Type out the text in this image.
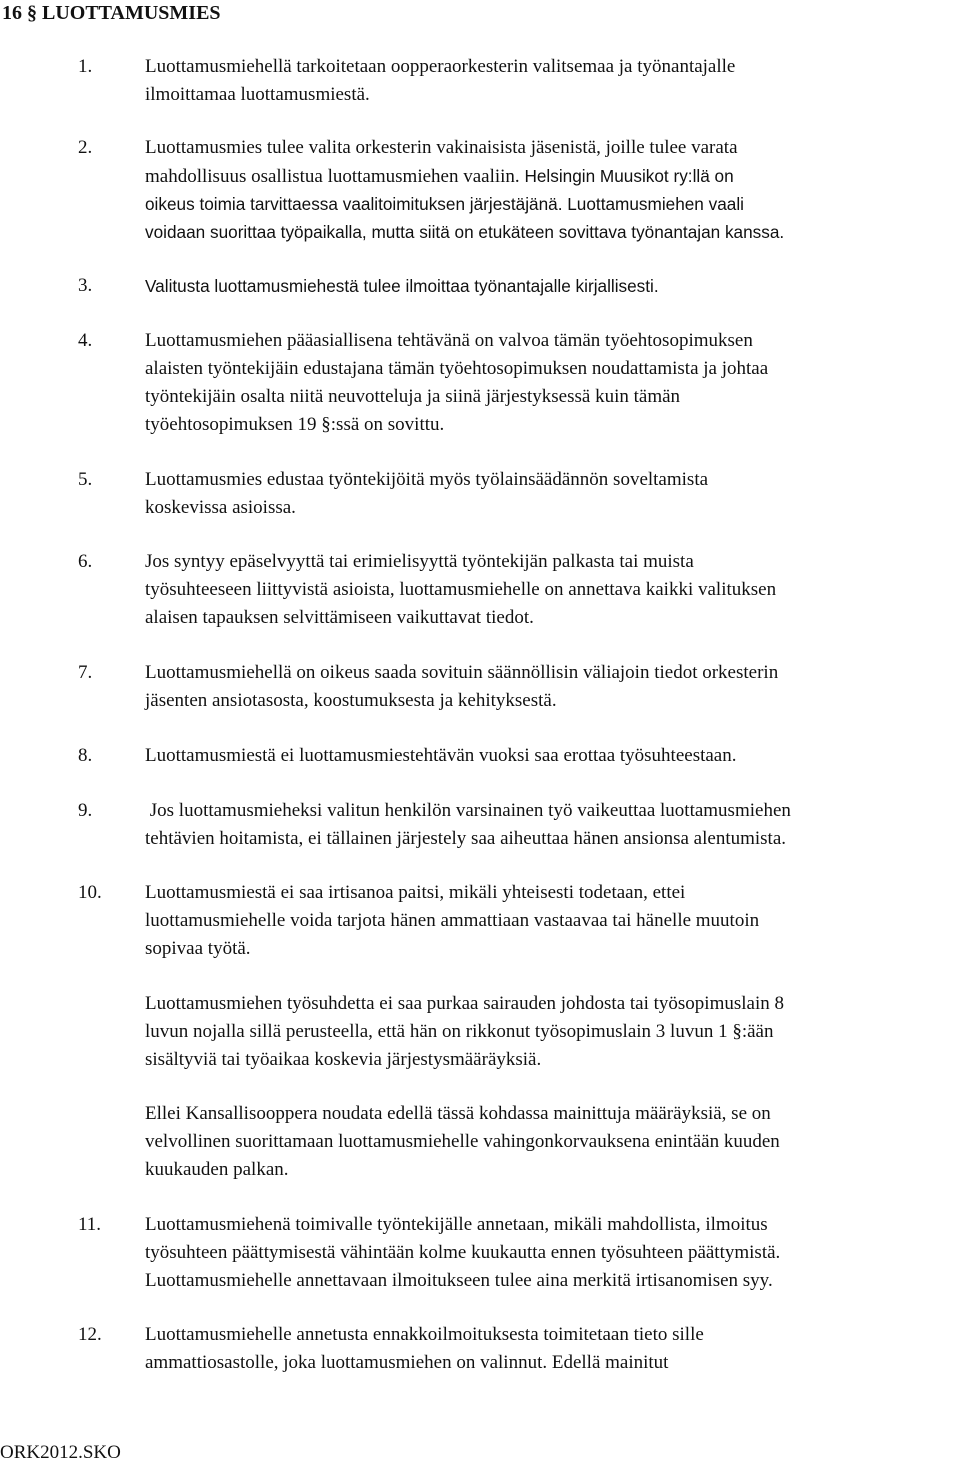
16 § LUOTTAMUSMIES
1.	Luottamusmiehellä tarkoitetaan oopperaorkesterin valitsemaa ja työnantajalle
ilmoittamaa luottamusmiestä.
2.	Luottamusmies tulee valita orkesterin vakinaisista jäsenistä, joille tulee varata
mahdollisuus osallistua luottamusmiehen vaaliin. Helsingin Muusikot ry:llä on
oikeus toimia tarvittaessa vaalitoimituksen järjestäjänä. Luottamusmiehen vaali
voidaan suorittaa työpaikalla, mutta siitä on etukäteen sovittava työnantajan kanssa.
3.	Valitusta luottamusmiehestä tulee ilmoittaa työnantajalle kirjallisesti.
4.	Luottamusmiehen pääasiallisena tehtävänä on valvoa tämän työehtosopimuksen
alaisten työntekijäin edustajana tämän työehtosopimuksen noudattamista ja johtaa
työntekijäin osalta niitä neuvotteluja ja siinä järjestyksessä kuin tämän
työehtosopimuksen 19 §:ssä on sovittu.
5.	Luottamusmies edustaa työntekijöitä myös työlainsäädännön soveltamista
koskevissa asioissa.
6.	Jos syntyy epäselvyyttä tai erimielisyyttä työntekijän palkasta tai muista
työsuhteeseen liittyvistä asioista, luottamusmiehelle on annettava kaikki valituksen
alaisen tapauksen selvittämiseen vaikuttavat tiedot.
7.	Luottamusmiehellä on oikeus saada sovituin säännöllisin väliajoin tiedot orkesterin
jäsenten ansiotasosta, koostumuksesta ja kehityksestä.
8.	Luottamusmiestä ei luottamusmiestehtävän vuoksi saa erottaa työsuhteestaan.
9.	Jos luottamusmieheksi valitun henkilön varsinainen työ vaikeuttaa luottamusmiehen
tehtävien hoitamista, ei tällainen järjestely saa aiheuttaa hänen ansionsa alentumista.
10. Luottamusmiestä ei saa irtisanoa paitsi, mikäli yhteisesti todetaan, ettei
luottamusmiehelle voida tarjota hänen ammattiaan vastaavaa tai hänelle muutoin
sopivaa työtä.
Luottamusmiehen työsuhdetta ei saa purkaa sairauden johdosta tai työsopimuslain 8
luvun nojalla sillä perusteella, että hän on rikkonut työsopimuslain 3 luvun 1 §:ään
sisältyviä tai työaikaa koskevia järjestysmääräyksiä.
Ellei Kansallisooppera noudata edellä tässä kohdassa mainittuja määräyksiä, se on
velvollinen suorittamaan luottamusmiehelle vahingonkorvauksena enintään kuuden
kuukauden palkan.
11. Luottamusmiehenä toimivalle työntekijälle annetaan, mikäli mahdollista, ilmoitus
työsuhteen päättymisestä vähintään kolme kuukautta ennen työsuhteen päättymistä.
Luottamusmiehelle annettavaan ilmoitukseen tulee aina merkitä irtisanomisen syy.
12. Luottamusmiehelle annetusta ennakkoilmoituksesta toimitetaan tieto sille
ammattiosastolle, joka luottamusmiehen on valinnut. Edellä mainitut
ORK2012.SKO
